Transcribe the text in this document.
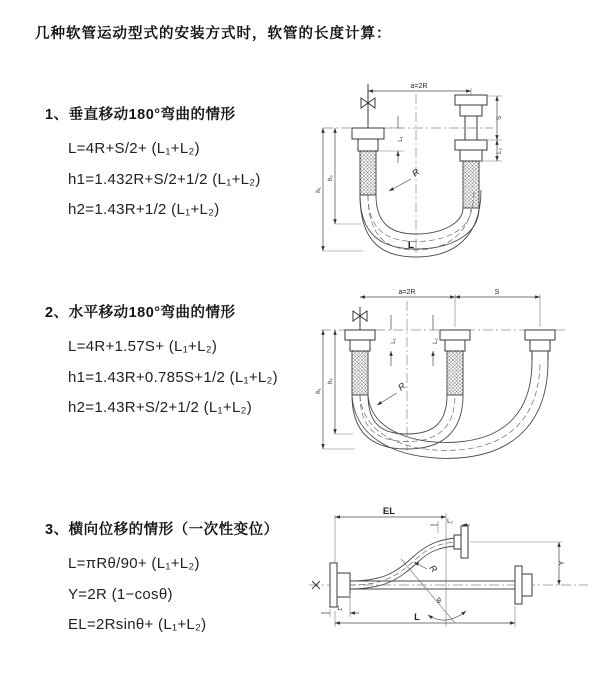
几种软管运动型式的安装方式时，软管的长度计算：
1、垂直移动180°弯曲的情形
L=4R+S/2+ (L₁+L₂)
h1=1.432R+S/2+1/2 (L₁+L₂)
h2=1.43R+1/2 (L₁+L₂)
2、水平移动180°弯曲的情形
L=4R+1.57S+ (L₁+L₂)
h1=1.43R+0.785S+1/2 (L₁+L₂)
h2=1.43R+S/2+1/2 (L₁+L₂)
3、横向位移的情形（一次性变位）
L=πRθ/90+ (L₁+L₂)
Y=2R (1−cosθ)
EL=2Rsinθ+ (L₁+L₂)
a=2R
L₁
S
L₂
h₁
h₂	R
L
a=2R	S
L₁	L₂
h₁
h₂	R
EL
L₂
Y
θ
R
L₁
L
